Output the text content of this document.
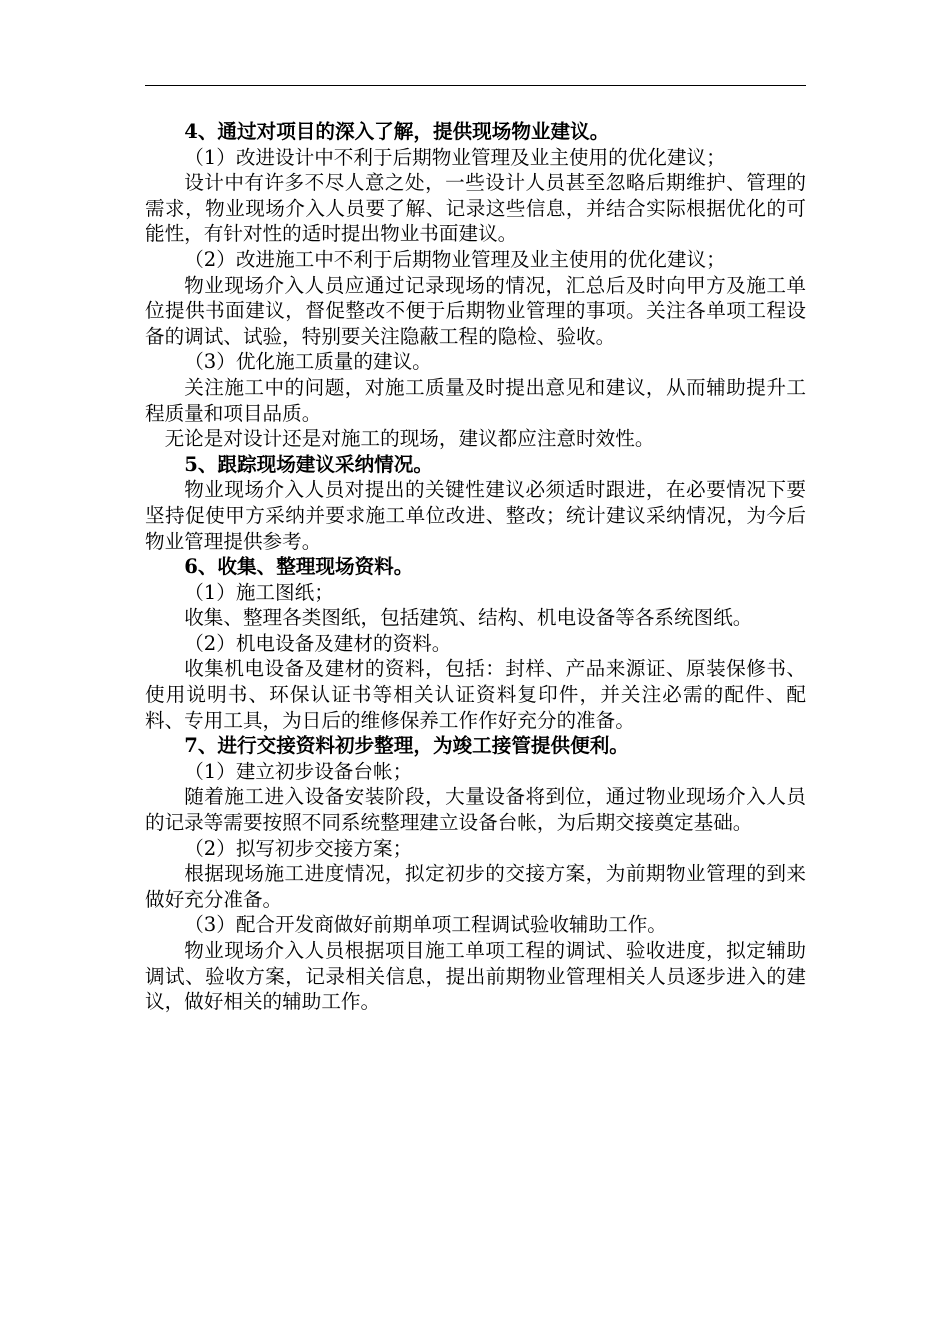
4、通过对项目的深入了解，提供现场物业建议。

（1）改进设计中不利于后期物业管理及业主使用的优化建议；

设计中有许多不尽人意之处，一些设计人员甚至忽略后期维护、管理的需求，物业现场介入人员要了解、记录这些信息，并结合实际根据优化的可能性，有针对性的适时提出物业书面建议。

（2）改进施工中不利于后期物业管理及业主使用的优化建议；

物业现场介入人员应通过记录现场的情况，汇总后及时向甲方及施工单位提供书面建议，督促整改不便于后期物业管理的事项。关注各单项工程设备的调试、试验，特别要关注隐蔽工程的隐检、验收。

（3）优化施工质量的建议。

关注施工中的问题，对施工质量及时提出意见和建议，从而辅助提升工程质量和项目品质。

无论是对设计还是对施工的现场，建议都应注意时效性。

5、跟踪现场建议采纳情况。

物业现场介入人员对提出的关键性建议必须适时跟进，在必要情况下要坚持促使甲方采纳并要求施工单位改进、整改；统计建议采纳情况，为今后物业管理提供参考。

6、收集、整理现场资料。

（1）施工图纸；

收集、整理各类图纸，包括建筑、结构、机电设备等各系统图纸。

（2）机电设备及建材的资料。

收集机电设备及建材的资料，包括：封样、产品来源证、原装保修书、使用说明书、环保认证书等相关认证资料复印件，并关注必需的配件、配料、专用工具，为日后的维修保养工作作好充分的准备。

7、进行交接资料初步整理，为竣工接管提供便利。

（1）建立初步设备台帐；

随着施工进入设备安装阶段，大量设备将到位，通过物业现场介入人员的记录等需要按照不同系统整理建立设备台帐，为后期交接奠定基础。

（2）拟写初步交接方案；

根据现场施工进度情况，拟定初步的交接方案，为前期物业管理的到来做好充分准备。

（3）配合开发商做好前期单项工程调试验收辅助工作。

物业现场介入人员根据项目施工单项工程的调试、验收进度，拟定辅助调试、验收方案，记录相关信息，提出前期物业管理相关人员逐步进入的建议，做好相关的辅助工作。
